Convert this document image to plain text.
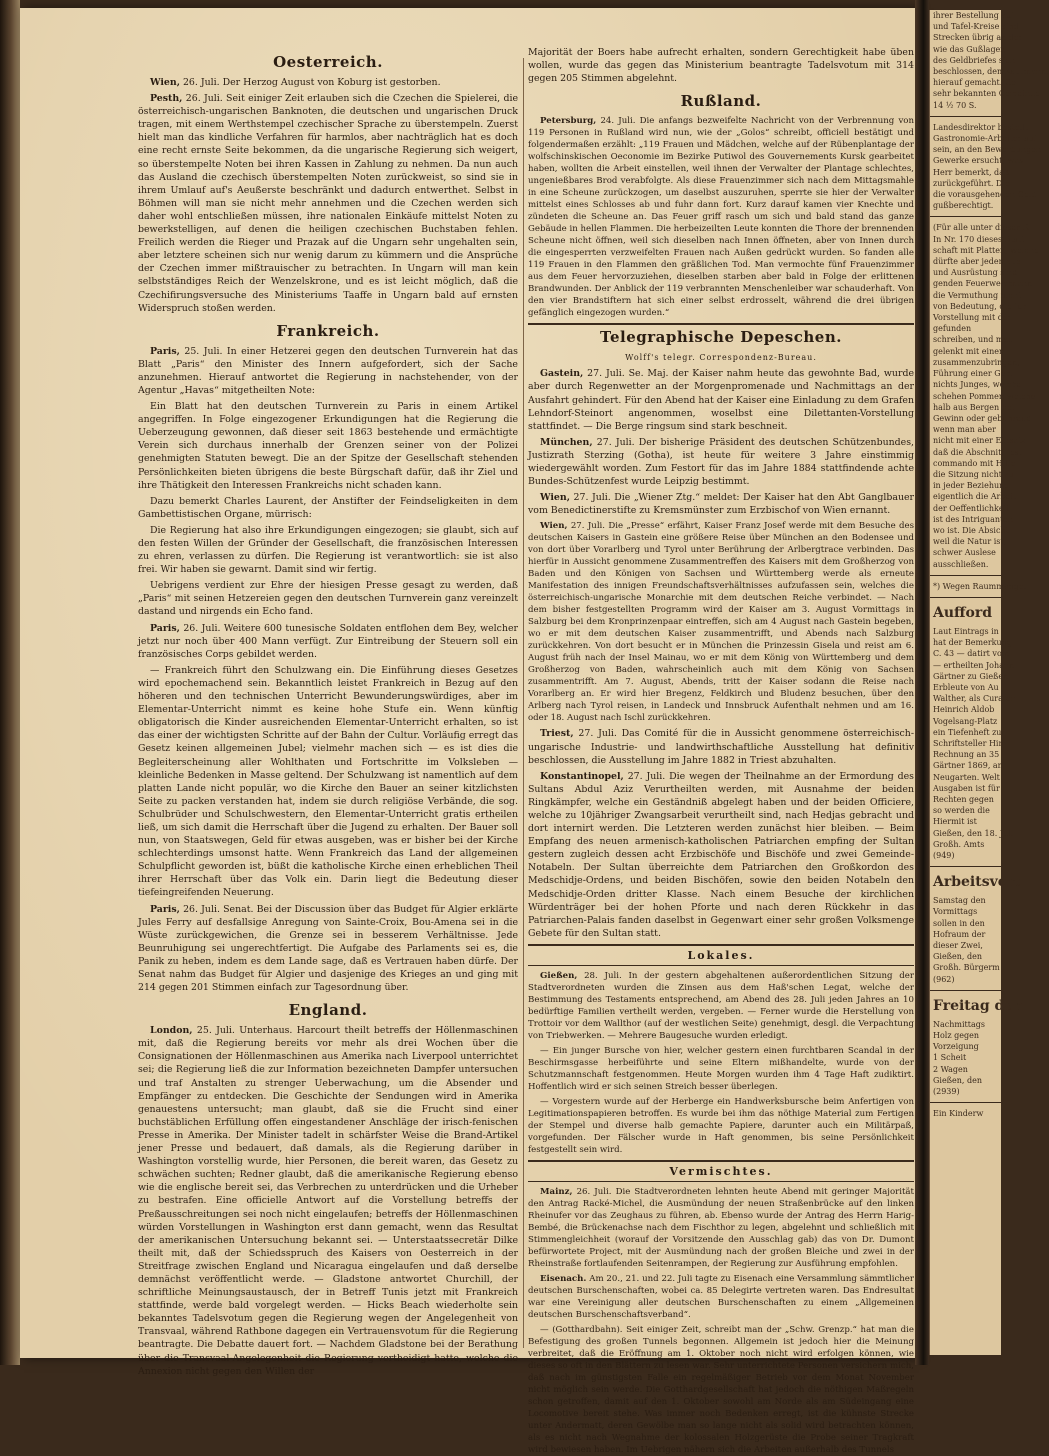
Oesterreich.

Wien, 26. Juli. Der Herzog August von Koburg ist gestorben.

Pesth, 26. Juli. Seit einiger Zeit erlauben sich die Czechen die Spielerei, die österreichisch-ungarischen Banknoten, die deutschen und ungarischen Druck tragen, mit einem Werthstempel czechischer Sprache zu überstempeln. Zuerst hielt man das kindliche Verfahren für harmlos, aber nachträglich hat es doch eine recht ernste Seite bekommen, da die ungarische Regierung sich weigert, so überstempelte Noten bei ihren Kassen in Zahlung zu nehmen. Da nun auch das Ausland die czechisch überstempelten Noten zurückweist, so sind sie in ihrem Umlauf auf's Aeußerste beschränkt und dadurch entwerthet. Selbst in Böhmen will man sie nicht mehr annehmen und die Czechen werden sich daher wohl entschließen müssen, ihre nationalen Einkäufe mittelst Noten zu bewerkstelligen, auf denen die heiligen czechischen Buchstaben fehlen. Freilich werden die Rieger und Prazak auf die Ungarn sehr ungehalten sein, aber letztere scheinen sich nur wenig darum zu kümmern und die Ansprüche der Czechen immer mißtrauischer zu betrachten. In Ungarn will man kein selbstständiges Reich der Wenzelskrone, und es ist leicht möglich, daß die Czechifirungsversuche des Ministeriums Taaffe in Ungarn bald auf ernsten Widerspruch stoßen werden.

Frankreich.

Paris, 25. Juli. In einer Hetzerei gegen den deutschen Turnverein hat das Blatt „Paris“ den Minister des Innern aufgefordert, sich der Sache anzunehmen. Hierauf antwortet die Regierung in nachstehender, von der Agentur „Havas“ mitgetheilten Note:

Ein Blatt hat den deutschen Turnverein zu Paris in einem Artikel angegriffen. In Folge eingezogener Erkundigungen hat die Regierung die Ueberzeugung gewonnen, daß dieser seit 1863 bestehende und ermächtigte Verein sich durchaus innerhalb der Grenzen seiner von der Polizei genehmigten Statuten bewegt. Die an der Spitze der Gesellschaft stehenden Persönlichkeiten bieten übrigens die beste Bürgschaft dafür, daß ihr Ziel und ihre Thätigkeit den Interessen Frankreichs nicht schaden kann.

Dazu bemerkt Charles Laurent, der Anstifter der Feindseligkeiten in dem Gambettistischen Organe, mürrisch:

Die Regierung hat also ihre Erkundigungen eingezogen; sie glaubt, sich auf den festen Willen der Gründer der Gesellschaft, die französischen Interessen zu ehren, verlassen zu dürfen. Die Regierung ist verantwortlich: sie ist also frei. Wir haben sie gewarnt. Damit sind wir fertig.

Uebrigens verdient zur Ehre der hiesigen Presse gesagt zu werden, daß „Paris“ mit seinen Hetzereien gegen den deutschen Turnverein ganz vereinzelt dastand und nirgends ein Echo fand.

Paris, 26. Juli. Weitere 600 tunesische Soldaten entflohen dem Bey, welcher jetzt nur noch über 400 Mann verfügt. Zur Eintreibung der Steuern soll ein französisches Corps gebildet werden.

— Frankreich führt den Schulzwang ein. Die Einführung dieses Gesetzes wird epochemachend sein. Bekanntlich leistet Frankreich in Bezug auf den höheren und den technischen Unterricht Bewunderungswürdiges, aber im Elementar-Unterricht nimmt es keine hohe Stufe ein. Wenn künftig obligatorisch die Kinder ausreichenden Elementar-Unterricht erhalten, so ist das einer der wichtigsten Schritte auf der Bahn der Cultur. Vorläufig erregt das Gesetz keinen allgemeinen Jubel; vielmehr machen sich — es ist dies die Begleiterscheinung aller Wohlthaten und Fortschritte im Volksleben — kleinliche Bedenken in Masse geltend. Der Schulzwang ist namentlich auf dem platten Lande nicht populär, wo die Kirche den Bauer an seiner kitzlichsten Seite zu packen verstanden hat, indem sie durch religiöse Verbände, die sog. Schulbrüder und Schulschwestern, den Elementar-Unterricht gratis ertheilen ließ, um sich damit die Herrschaft über die Jugend zu erhalten. Der Bauer soll nun, von Staatswegen, Geld für etwas ausgeben, was er bisher bei der Kirche schlechterdings umsonst hatte. Wenn Frankreich das Land der allgemeinen Schulpflicht geworden ist, büßt die katholische Kirche einen erheblichen Theil ihrer Herrschaft über das Volk ein. Darin liegt die Bedeutung dieser tiefeingreifenden Neuerung.

Paris, 26. Juli. Senat. Bei der Discussion über das Budget für Algier erklärte Jules Ferry auf desfallsige Anregung von Sainte-Croix, Bou-Amena sei in die Wüste zurückgewichen, die Grenze sei in besserem Verhältnisse. Jede Beunruhigung sei ungerechtfertigt. Die Aufgabe des Parlaments sei es, die Panik zu heben, indem es dem Lande sage, daß es Vertrauen haben dürfe. Der Senat nahm das Budget für Algier und dasjenige des Krieges an und ging mit 214 gegen 201 Stimmen einfach zur Tagesordnung über.

England.

London, 25. Juli. Unterhaus. Harcourt theilt betreffs der Höllenmaschinen mit, daß die Regierung bereits vor mehr als drei Wochen über die Consignationen der Höllenmaschinen aus Amerika nach Liverpool unterrichtet sei; die Regierung ließ die zur Information bezeichneten Dampfer untersuchen und traf Anstalten zu strenger Ueberwachung, um die Absender und Empfänger zu entdecken. Die Geschichte der Sendungen wird in Amerika genauestens untersucht; man glaubt, daß sie die Frucht sind einer buchstäblichen Erfüllung offen eingestandener Anschläge der irisch-fenischen Presse in Amerika. Der Minister tadelt in schärfster Weise die Brand-Artikel jener Presse und bedauert, daß damals, als die Regierung darüber in Washington vorstellig wurde, hier Personen, die bereit waren, das Gesetz zu schwächen suchten; Redner glaubt, daß die amerikanische Regierung ebenso wie die englische bereit sei, das Verbrechen zu unterdrücken und die Urheber zu bestrafen. Eine officielle Antwort auf die Vorstellung betreffs der Preßausschreitungen sei noch nicht eingelaufen; betreffs der Höllenmaschinen würden Vorstellungen in Washington erst dann gemacht, wenn das Resultat der amerikanischen Untersuchung bekannt sei. — Unterstaatssecretär Dilke theilt mit, daß der Schiedsspruch des Kaisers von Oesterreich in der Streitfrage zwischen England und Nicaragua eingelaufen und daß derselbe demnächst veröffentlicht werde. — Gladstone antwortet Churchill, der schriftliche Meinungsaustausch, der in Betreff Tunis jetzt mit Frankreich stattfinde, werde bald vorgelegt werden. — Hicks Beach wiederholte sein bekanntes Tadelsvotum gegen die Regierung wegen der Angelegenheit von Transvaal, während Rathbone dagegen ein Vertrauensvotum für die Regierung beantragte. Die Debatte dauert fort. — Nachdem Gladstone bei der Berathung über die Transvaal-Angelegenheit die Regierung vertheidigt hatte, welche die Annexion nicht gegen den Willen der

Majorität der Boers habe aufrecht erhalten, sondern Gerechtigkeit habe üben wollen, wurde das gegen das Ministerium beantragte Tadelsvotum mit 314 gegen 205 Stimmen abgelehnt.

Rußland.

Petersburg, 24. Juli. Die anfangs bezweifelte Nachricht von der Verbrennung von 119 Personen in Rußland wird nun, wie der „Golos“ schreibt, officiell bestätigt und folgendermaßen erzählt: „119 Frauen und Mädchen, welche auf der Rübenplantage der wolfschinskischen Oeconomie im Bezirke Putiwol des Gouvernements Kursk gearbeitet haben, wollten die Arbeit einstellen, weil ihnen der Verwalter der Plantage schlechtes, ungenießbares Brod verabfolgte. Als diese Frauenzimmer sich nach dem Mittagsmahle in eine Scheune zurückzogen, um daselbst auszuruhen, sperrte sie hier der Verwalter mittelst eines Schlosses ab und fuhr dann fort. Kurz darauf kamen vier Knechte und zündeten die Scheune an. Das Feuer griff rasch um sich und bald stand das ganze Gebäude in hellen Flammen. Die herbeizeilten Leute konnten die Thore der brennenden Scheune nicht öffnen, weil sich dieselben nach Innen öffneten, aber von Innen durch die eingesperrten verzweifelten Frauen nach Außen gedrückt wurden. So fanden alle 119 Frauen in den Flammen den gräßlichen Tod. Man vermochte fünf Frauenzimmer aus dem Feuer hervorzuziehen, dieselben starben aber bald in Folge der erlittenen Brandwunden. Der Anblick der 119 verbrannten Menschenleiber war schauderhaft. Von den vier Brandstiftern hat sich einer selbst erdrosselt, während die drei übrigen gefänglich eingezogen wurden.“

Telegraphische Depeschen.
Wolff's telegr. Correspondenz-Bureau.

Gastein, 27. Juli. Se. Maj. der Kaiser nahm heute das gewohnte Bad, wurde aber durch Regenwetter an der Morgenpromenade und Nachmittags an der Ausfahrt gehindert. Für den Abend hat der Kaiser eine Einladung zu dem Grafen Lehndorf-Steinort angenommen, woselbst eine Dilettanten-Vorstellung stattfindet. — Die Berge ringsum sind stark beschneit.

München, 27. Juli. Der bisherige Präsident des deutschen Schützenbundes, Justizrath Sterzing (Gotha), ist heute für weitere 3 Jahre einstimmig wiedergewählt worden. Zum Festort für das im Jahre 1884 stattfindende achte Bundes-Schützenfest wurde Leipzig bestimmt.

Wien, 27. Juli. Die „Wiener Ztg.“ meldet: Der Kaiser hat den Abt Ganglbauer vom Benedictinerstifte zu Kremsmünster zum Erzbischof von Wien ernannt.

Wien, 27. Juli. Die „Presse“ erfährt, Kaiser Franz Josef werde mit dem Besuche des deutschen Kaisers in Gastein eine größere Reise über München an den Bodensee und von dort über Vorarlberg und Tyrol unter Berührung der Arlbergtrace verbinden. Das hierfür in Aussicht genommene Zusammentreffen des Kaisers mit dem Großherzog von Baden und den Königen von Sachsen und Württemberg werde als erneute Manifestation des innigen Freundschaftsverhältnisses aufzufassen sein, welches die österreichisch-ungarische Monarchie mit dem deutschen Reiche verbindet. — Nach dem bisher festgestellten Programm wird der Kaiser am 3. August Vormittags in Salzburg bei dem Kronprinzenpaar eintreffen, sich am 4 August nach Gastein begeben, wo er mit dem deutschen Kaiser zusammentrifft, und Abends nach Salzburg zurückkehren. Von dort besucht er in München die Prinzessin Gisela und reist am 6. August früh nach der Insel Mainau, wo er mit dem König von Württemberg und dem Großherzog von Baden, wahrscheinlich auch mit dem König von Sachsen zusammentrifft. Am 7. August, Abends, tritt der Kaiser sodann die Reise nach Vorarlberg an. Er wird hier Bregenz, Feldkirch und Bludenz besuchen, über den Arlberg nach Tyrol reisen, in Landeck und Innsbruck Aufenthalt nehmen und am 16. oder 18. August nach Ischl zurückkehren.

Triest, 27. Juli. Das Comité für die in Aussicht genommene österreichisch-ungarische Industrie- und landwirthschaftliche Ausstellung hat definitiv beschlossen, die Ausstellung im Jahre 1882 in Triest abzuhalten.

Konstantinopel, 27. Juli. Die wegen der Theilnahme an der Ermordung des Sultans Abdul Aziz Verurtheilten werden, mit Ausnahme der beiden Ringkämpfer, welche ein Geständniß abgelegt haben und der beiden Officiere, welche zu 10jähriger Zwangsarbeit verurtheilt sind, nach Hedjas gebracht und dort internirt werden. Die Letzteren werden zunächst hier bleiben. — Beim Empfang des neuen armenisch-katholischen Patriarchen empfing der Sultan gestern zugleich dessen acht Erzbischöfe und Bischöfe und zwei Gemeinde-Notabeln. Der Sultan überreichte dem Patriarchen den Großkordon des Medschidje-Ordens, und beiden Bischöfen, sowie den beiden Notabeln den Medschidje-Orden dritter Klasse. Nach einem Besuche der kirchlichen Würdenträger bei der hohen Pforte und nach deren Rückkehr in das Patriarchen-Palais fanden daselbst in Gegenwart einer sehr großen Volksmenge Gebete für den Sultan statt.

Lokales.

Gießen, 28. Juli. In der gestern abgehaltenen außerordentlichen Sitzung der Stadtverordneten wurden die Zinsen aus dem Haß'schen Legat, welche der Bestimmung des Testaments entsprechend, am Abend des 28. Juli jeden Jahres an 10 bedürftige Familien vertheilt werden, vergeben. — Ferner wurde die Herstellung von Trottoir vor dem Wallthor (auf der westlichen Seite) genehmigt, desgl. die Verpachtung von Triebwerken. — Mehrere Baugesuche wurden erledigt.

— Ein junger Bursche von hier, welcher gestern einen furchtbaren Scandal in der Beschirmsgasse herbeiführte und seine Eltern mißhandelte, wurde von der Schutzmannschaft festgenommen. Heute Morgen wurden ihm 4 Tage Haft zudiktirt. Hoffentlich wird er sich seinen Streich besser überlegen.

— Vorgestern wurde auf der Herberge ein Handwerksbursche beim Anfertigen von Legitimationspapieren betroffen. Es wurde bei ihm das nöthige Material zum Fertigen der Stempel und diverse halb gemachte Papiere, darunter auch ein Militärpaß, vorgefunden. Der Fälscher wurde in Haft genommen, bis seine Persönlichkeit festgestellt sein wird.

Vermischtes.

Mainz, 26. Juli. Die Stadtverordneten lehnten heute Abend mit geringer Majorität den Antrag Racké-Michel, die Ausmündung der neuen Straßenbrücke auf den linken Rheinufer vor das Zeughaus zu führen, ab. Ebenso wurde der Antrag des Herrn Harig-Bembé, die Brückenachse nach dem Fischthor zu legen, abgelehnt und schließlich mit Stimmengleichheit (worauf der Vorsitzende den Ausschlag gab) das von Dr. Dumont befürwortete Project, mit der Ausmündung nach der großen Bleiche und zwei in der Rheinstraße fortlaufenden Seitenrampen, der Regierung zur Ausführung empfohlen.

Eisenach. Am 20., 21. und 22. Juli tagte zu Eisenach eine Versammlung sämmtlicher deutschen Burschenschaften, wobei ca. 85 Delegirte vertreten waren. Das Endresultat war eine Vereinigung aller deutschen Burschenschaften zu einem „Allgemeinen deutschen Burschenschaftsverband“.

— (Gotthardbahn). Seit einiger Zeit, schreibt man der „Schw. Grenzp.“ hat man die Befestigung des großen Tunnels begonnen. Allgemein ist jedoch hier die Meinung verbreitet, daß die Eröffnung am 1. Oktober noch nicht wird erfolgen können, wie dieses so oft in den Blättern zu lesen war. Sehr unterrichtete Personen versichern mich, daß nach im günstigsten Falle ein regelmäßiger Betrieb vor dem Monat November nicht möglich sein werde. Die Gotthardgesellschaft hat jedoch die nöthigen Maßregeln schon getroffen, damit auf den 1. Oktober sowohl am Norde als am Südeingang eine Locomotive bereit stehe. Was immer noch Bedenken erregt, ist die kühnste Strecke unter Andermatt, deren Gewölbe man so lange nicht als solid wird betrachten können, als es nicht nach Wegnahme der kolossalen Holzgerüste die Probe seiner Tragkraft wird bewiesen haben. Im Uebrigen nähern sich die Arbeiten außerhalb des Tunnels

ihrer Bestellung auf
und Tafel-Kreise sind
Strecken übrig an der
wie das Gußlager,
des Geldbriefes sich
beschlossen, den Kaufmann,
hierauf gemacht. Ge-
sehr bekannten Gemeinde
14 ½ 70 S.
Landesdirektor bestellt
Gastronomie-Arbeiter auf
sein, an den Bewerbungen
Gewerke ersucht, was
Herr bemerkt, daß
zurückgeführt. Die
die vorausgehenden Geld-
gußberechtigt.
(Für alle unter dieser R
In Nr. 170 dieses Blatt
schaft mit Platten, welche
dürfte aber jedenfalls
und Ausrüstung sind
genden Feuerwehrmann
die Vermuthung nicht
von Bedeutung, die für
Vorstellung mit der
gefunden
schreiben, und man
gelenkt mit einer
zusammenzubringen,
Führung einer Gen.
nichts Junges, welche
schehen Pommer, welche
halb aus Bergen bei
Gewinn oder gebührend
wenn man aber
nicht mit einer Einsatz
daß die Abschnitt fest
commando mit Hilfe
die Sitzung nicht zu
in jeder Beziehung
eigentlich die Arbeit
der Oeffentlichkeit
ist des Intriguanten
wo ist. Die Absicht
weil die Natur ist,
schwer Auslese
ausschließen.
*) Wegen Raummangel
Aufford
Laut Eintrags in
hat der Bemerkung
C. 43 — datirt vom
— ertheilten Johann
Gärtner zu Gießen
Erbleute von Au
Walther, als Curator
Heinrich Aldob
Vogelsang-Platz
ein Tiefenheft zu
Schriftsteller Hin
Rechnung an 35
Gärtner 1869, an
Neugarten. Welt
Ausgaben ist für
Rechten gegen
so werden die
Hiermit ist
Gießen, den 18. Juli
Großh. Amts
(949)
Arbeitsverd
Samstag den
Vormittags
sollen in den
Hofraum der
dieser Zwei,
Gießen, den
Großh. Bürgerm
(962)
Freitag den
Nachmittags
Holz gegen
Vorzeigung
1 Scheit
2 Wagen
Gießen, den
(2939)
Ein Kinderw
